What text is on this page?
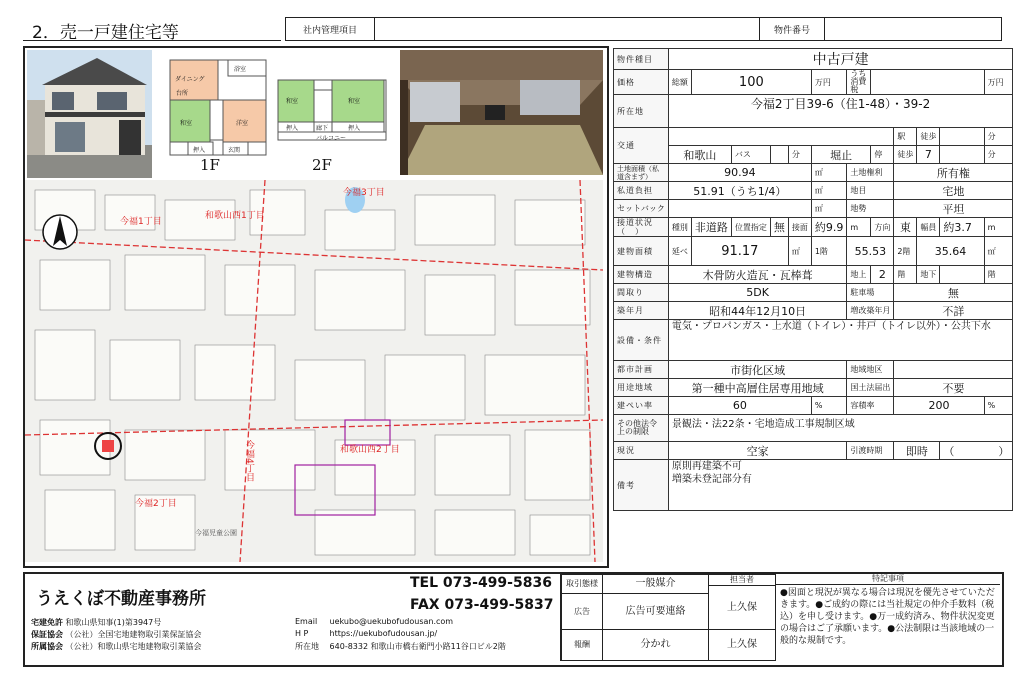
2．売一戸建住宅等	社内管理項目	物件番号
ダイニング
浴室
和室	洋室
玄関
台所
押入
1F
和室	和室
押入	押入
廊下
バルコニー
2F
今福1丁目
和歌山西1丁目
今福2丁目
和歌山西2丁目
今福3丁目
今福4丁目
今福児童公園
物件種目	中古戸建											
価格	総額	100				万円	うち消費税					万円
所在地	今福2丁目39-6（住1-48）・39-2											
交通									駅	徒歩		分
	和歌山		バス		分	堀止		停	徒歩	7		分
土地面積（私道含まず）	90.94					㎡	土地権利		所有権			
私道負担	51.91（うち1/4）					㎡	地目		宅地			
セットバック						㎡	地勢		平坦			
接道状況（　）	種別	非道路	位置指定	無	接面	約9.9	m	方向	東	幅員	約3.7	m
建物面積	延べ	91.17			㎡	1階	55.53		2階	35.64		㎡
建物構造	木骨防火造瓦・瓦棒葺						地上	2	階	地下		階
間取り	5DK						駐車場		無			
築年月	昭和44年12月10日						増改築年月		不詳			
設備・条件	電気・プロパンガス・上水道（トイレ）・井戸（トイレ以外）・公共下水											
都市計画	市街化区域						地域地区					
用途地域	第一種中高層住居専用地域						国土法届出		不要			
建ぺい率	60					%	容積率		200			%
その他法令上の制限	景観法・法22条・宅地造成工事規制区域											
現況	空家						引渡時期		即時		（　　　　）	
備考	原則再建築不可
増築未登記部分有											
うえくぼ不動産事務所
TEL 073-499-5836
FAX 073-499-5837
宅建免許 和歌山県知事(1)第3947号
保証協会 （公社）全国宅地建物取引業保証協会
所属協会 （公社）和歌山県宅地建物取引業協会
Email uekubo@uekubofudousan.com
H P	https://uekubofudousan.jp/
所在地 640-8332 和歌山市橋右衛門小路11谷口ビル2階
取引態様	一般媒介	担当者
広告	広告可要連絡	上久保
報酬	分かれ	上久保
特記事項
●図面と現況が異なる場合は現況を優先させていただきます。●ご成約の際には当社規定の仲介手数料（税込）を申し受けます。●万一成約済み、物件状況変更の場合はご了承願います。●公法制限は当該地域の一般的な規制です。
